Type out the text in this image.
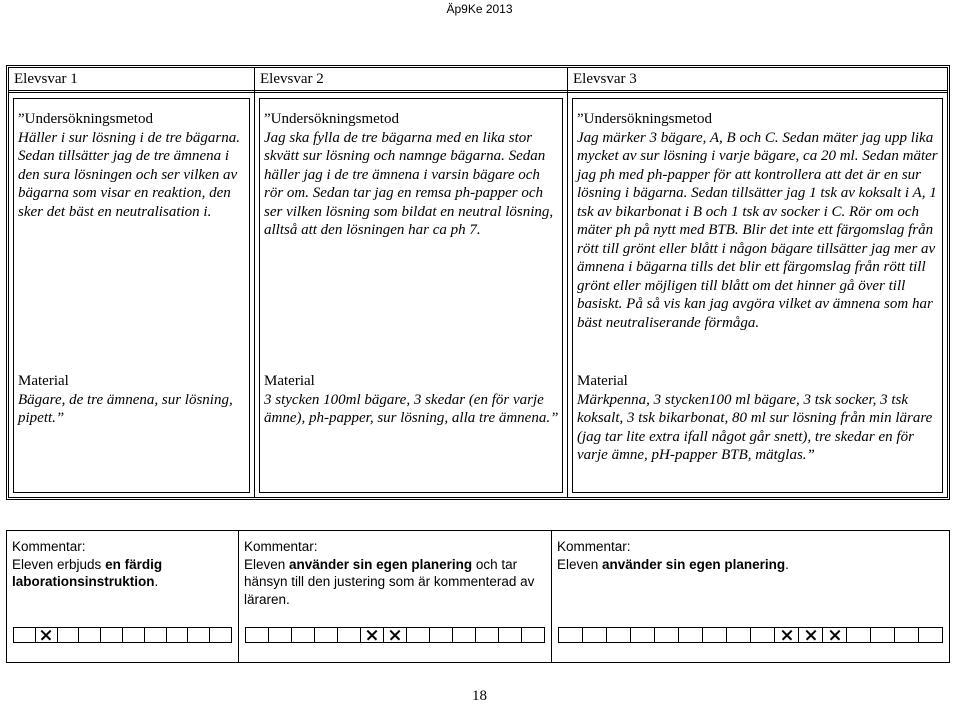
Äp9Ke 2013
Elevsvar 1
”Undersökningsmetod
Häller i sur lösning i de tre bägarna. Sedan tillsätter jag de tre ämnena i den sura lösningen och ser vilken av bägarna som visar en reaktion, den sker det bäst en neutralisation i.
Material
Bägare, de tre ämnena, sur lösning, pipett.”
Elevsvar 2
”Undersökningsmetod
Jag ska fylla de tre bägarna med en lika stor skvätt sur lösning och namnge bägarna. Sedan häller jag i de tre ämnena i varsin bägare och rör om. Sedan tar jag en remsa ph-papper och ser vilken lösning som bildat en neutral lösning, alltså att den lösningen har ca ph 7.
Material
3 stycken 100ml bägare, 3 skedar (en för varje ämne), ph-papper, sur lösning, alla tre ämnena.”
Elevsvar 3
”Undersökningsmetod
Jag märker 3 bägare, A, B och C. Sedan mäter jag upp lika mycket av sur lösning i varje bägare, ca 20 ml. Sedan mäter jag ph med ph-papper för att kontrollera att det är en sur lösning i bägarna. Sedan tillsätter jag 1 tsk av koksalt i A, 1 tsk av bikarbonat i B och 1 tsk av socker i C. Rör om och mäter ph på nytt med BTB. Blir det inte ett färgomslag från rött till grönt eller blått i någon bägare tillsätter jag mer av ämnena i bägarna tills det blir ett färgomslag från rött till grönt eller möjligen till blått om det hinner gå över till basiskt. På så vis kan jag avgöra vilket av ämnena som har bäst neutraliserande förmåga.
Material
Märkpenna, 3 stycken100 ml bägare, 3 tsk socker, 3 tsk koksalt, 3 tsk bikarbonat, 80 ml sur lösning från min lärare (jag tar lite extra ifall något går snett), tre skedar en för varje ämne, pH-papper BTB, mätglas.”
Kommentar:
Eleven erbjuds en färdig laborationsinstruktion.
Kommentar:
Eleven använder sin egen planering och tar hänsyn till den justering som är kommenterad av läraren.
Kommentar:
Eleven använder sin egen planering.
18
